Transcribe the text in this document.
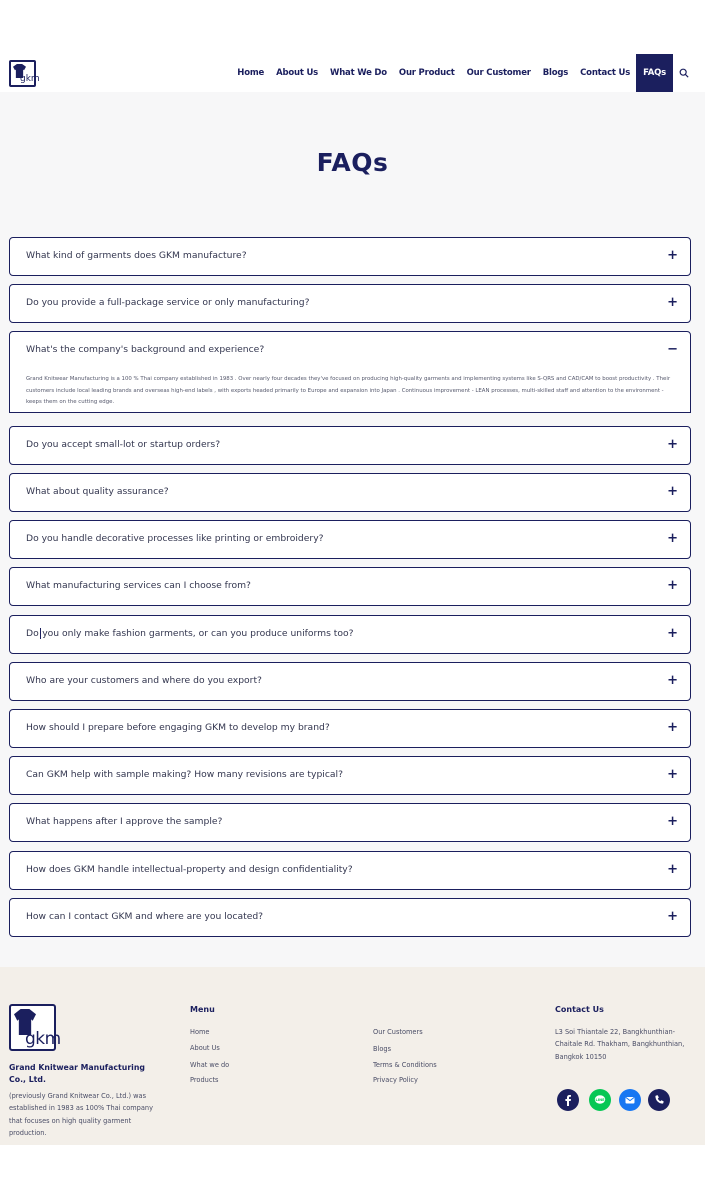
gkm
Home	About Us	What We Do	Our Product	Our Customer	Blogs	Contact Us	FAQs
FAQs
What kind of garments does GKM manufacture?	+
Do you provide a full-package service or only manufacturing?	+
What's the company's background and experience?	−
Grand Knitwear Manufacturing is a 100 % Thai company established in 1983 . Over nearly four decades they've focused on producing high-quality garments and implementing systems like S-QRS and CAD/CAM to boost productivity . Their customers include local leading brands and overseas high-end labels , with exports headed primarily to Europe and expansion into Japan . Continuous improvement - LEAN processes, multi-skilled staff and attention to the environment - keeps them on the cutting edge.
Do you accept small-lot or startup orders?	+
What about quality assurance?	+
Do you handle decorative processes like printing or embroidery?	+
What manufacturing services can I choose from?	+
Do you only make fashion garments, or can you produce uniforms too?	+
Who are your customers and where do you export?	+
How should I prepare before engaging GKM to develop my brand?	+
Can GKM help with sample making? How many revisions are typical?	+
What happens after I approve the sample?	+
How does GKM handle intellectual-property and design confidentiality?	+
How can I contact GKM and where are you located?	+
gkm
Grand Knitwear Manufacturing Co., Ltd.
(previously Grand Knitwear Co., Ltd.) was established in 1983 as 100% Thai company that focuses on high quality garment production.
Menu
Home
About Us
What we do
Products
Our Customers
Blogs
Terms & Conditions
Privacy Policy
Contact Us
L3 Soi Thiantale 22, Bangkhunthian-Chaitale Rd. Thakham, Bangkhunthian, Bangkok 10150
LINE
